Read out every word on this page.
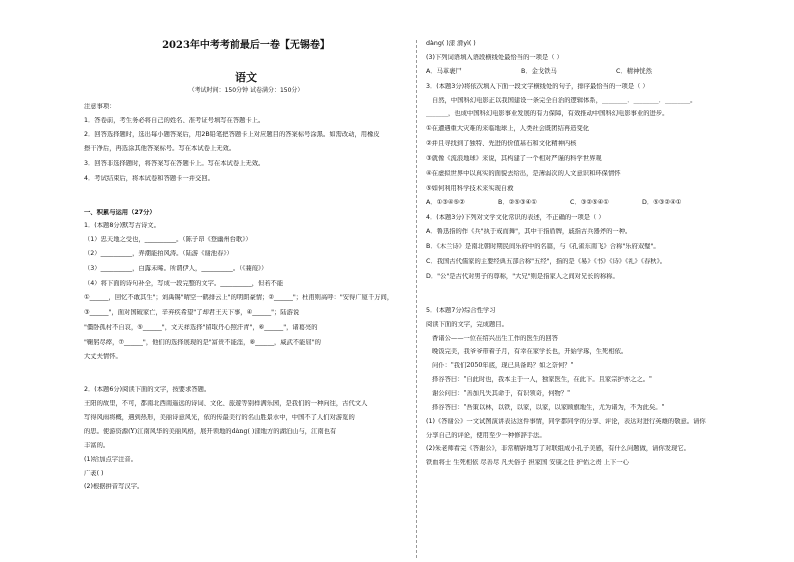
2023年中考考前最后一卷【无锡卷】
语文
（考试时间：150分钟 试卷满分：150分）
注意事项：
1．答卷前，考生务必将自己的姓名、准考证号填写在答题卡上。
2．回答选择题时，选出每小题答案后，用2B铅笔把答题卡上对应题目的答案标号涂黑。如需改动，用橡皮
擦干净后，再选涂其他答案标号。写在本试卷上无效。
3．回答非选择题时，将答案写在答题卡上。写在本试卷上无效。
4．考试结束后，将本试卷和答题卡一并交回。
一、积累与运用（27分）
1．(本题8分)默写古诗文。
（1）忠天地之受也，__________。（陈子昂《登幽州台歌》）
（2）__________，弄潮能拍风涛。（陆游《谢池春》）
（3）__________，白露未晞。所谓伊人，__________。（《蒹葭》）
（4）将下面的诗句补全，写成一段完整的文字。__________，但若不能
①______，回忆不敢其生"；刘禹锡"晴空一鹤排云上"的明朗豪情；②______"；杜甫则高呼："安得广厦千万间，
③______"，面对国破家亡，辛弃疾希望"了却君王天下事，④______"；陆游说
"僵卧孤村不自哀，⑤______"，文天祥选择"留取丹心照汗青"，⑥______"，诸葛亮的
"鞠躬尽瘁，⑦______"，他们的选择展现的是"富贵不能淫，⑧______，威武不能屈"的
大丈夫情怀。
2．(本题6分)阅读下面的文字，按要求答题。
王阳的故里，不可，都南北西南遥远的诗词、文化、旅遊等别样满乐园，是我们的一种向往，古代文人
写得风雨将概，遇到热形，美丽诗意风光，依的传最美行的名山胜景水中，中国不了人们对游览的
的思。使游资源(Y)江南风华的美丽风格，展开领地的dàng( )漾地方的湖泊山与，江南也有
丰富的。
(1)给加点字注音。
广袤( )
(2)根据拼音写汉字。
dàng( )漾 滑yì( )
(3)下列词语填入语段横线处最恰当的一项是（ ）
A．马革裹尸	B．金戈铁马	C．精神恍然
3．(本题3分)将依次填入下面一段文字横线处的句子，排序最恰当的一项是（ ）
自然，中国科幻电影正以我国建设一条完全自治的逻辑体系，________．________．________。
_______，也成中国科幻电影事业发展的有力保障，有效推动中国科幻电影事业的进步。
①在遭遇重大灾难的来临地球上，人类社会既团结再造变化
②并且寻找到了独特、先进的价值基石和文化精神内核
③就像《流浪地球》来说，其构建了一个相对严谨的科学世界观
④在虚拟世界中以真实的面貌去给出，是薄弱次的人文意识和环保情怀
⑤如何利用科学技术来实现自救
A．①③④⑤②	B．②⑤③④①	C．③②⑤④①	D．⑤③②④①
4．(本题3分)下列对文学文化常识的表述，不正确的一项是（ ）
A．鲁迅指的作《兵"执于戒而舞"，其中干指盾牌，戚指古兵器斧的一种。
B．《木兰诗》是南北朝时期民间乐府中的名篇，与《孔雀东南飞》合称"乐府双璧"。
C．我国古代儒家的主要经典五部合称"五经"，指的是《易》《书》《诗》《礼》《春秋》。
D．"公"是古代对男子的尊称，"大兄"则是指家人之间对兄长的称称。
5．(本题7分)综合性学习
阅读下面的文字，完成题目。
香诸公——一位在绍兴出生工作的医生的回答
晚饭完美，我爷爷带着子月，有幸在家学长也，开始学琢，生死相依。
问仆："我们2050年底，现已具备吗？如之奈何？"
择谷答曰："自此时也，我本主于一人，独家医生，在此下。且家宗护亦之之。"
谢公问曰："善加凡失其命于，有识领奇，何物？"
择谷答曰："吾策以林，以铁，以家，以家，以家顾旗地生，尤为诸为，不为此矣。"
(1)《答谢公》一文试图演讲表达这件事情，同学都同学的分享、评论，表达对进行英雄的敬意。请你
分享自己的评论，使用至少一种修辞手法。
(2)朱老师看完《答谢公》，非常精辟地写了对联组成小孔子美感，有什么问题做，请你发现它。
铁血将士 生死相依 尽善尽 凡夫俗子 担家国 安康之任 护佑之责 上下一心
